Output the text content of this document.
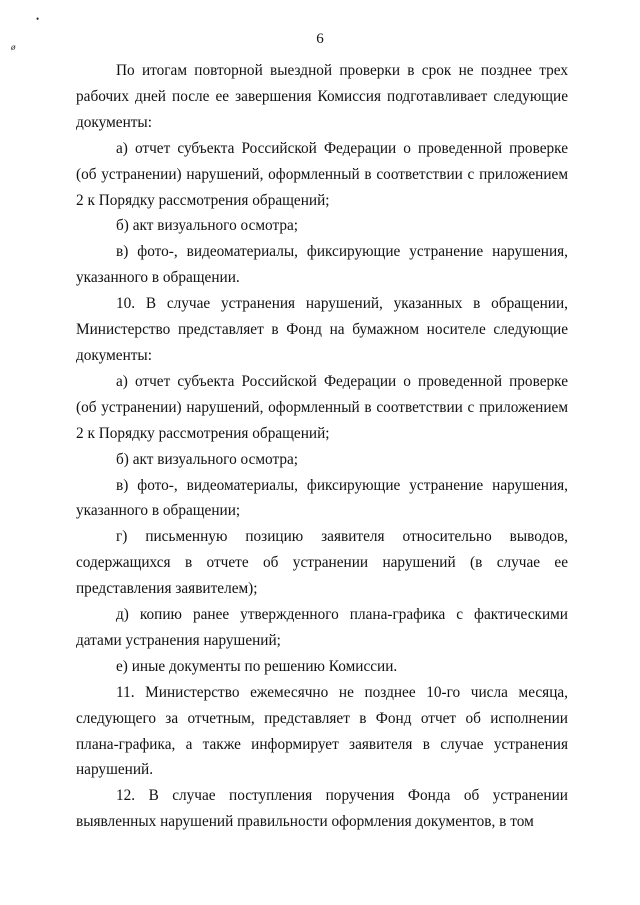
•
ø	6

По итогам повторной выездной проверки в срок не позднее трех рабочих дней после ее завершения Комиссия подготавливает следующие документы:

а) отчет субъекта Российской Федерации о проведенной проверке (об устранении) нарушений, оформленный в соответствии с приложением 2 к Порядку рассмотрения обращений;

б) акт визуального осмотра;

в) фото-, видеоматериалы, фиксирующие устранение нарушения, указанного в обращении.

10. В случае устранения нарушений, указанных в обращении, Министерство представляет в Фонд на бумажном носителе следующие документы:

а) отчет субъекта Российской Федерации о проведенной проверке (об устранении) нарушений, оформленный в соответствии с приложением 2 к Порядку рассмотрения обращений;

б) акт визуального осмотра;

в) фото-, видеоматериалы, фиксирующие устранение нарушения, указанного в обращении;

г) письменную позицию заявителя относительно выводов, содержащихся в отчете об устранении нарушений (в случае ее представления заявителем);

д) копию ранее утвержденного плана-графика с фактическими датами устранения нарушений;

е) иные документы по решению Комиссии.

11. Министерство ежемесячно не позднее 10-го числа месяца, следующего за отчетным, представляет в Фонд отчет об исполнении плана-графика, а также информирует заявителя в случае устранения нарушений.

12. В случае поступления поручения Фонда об устранении выявленных нарушений правильности оформления документов, в том
